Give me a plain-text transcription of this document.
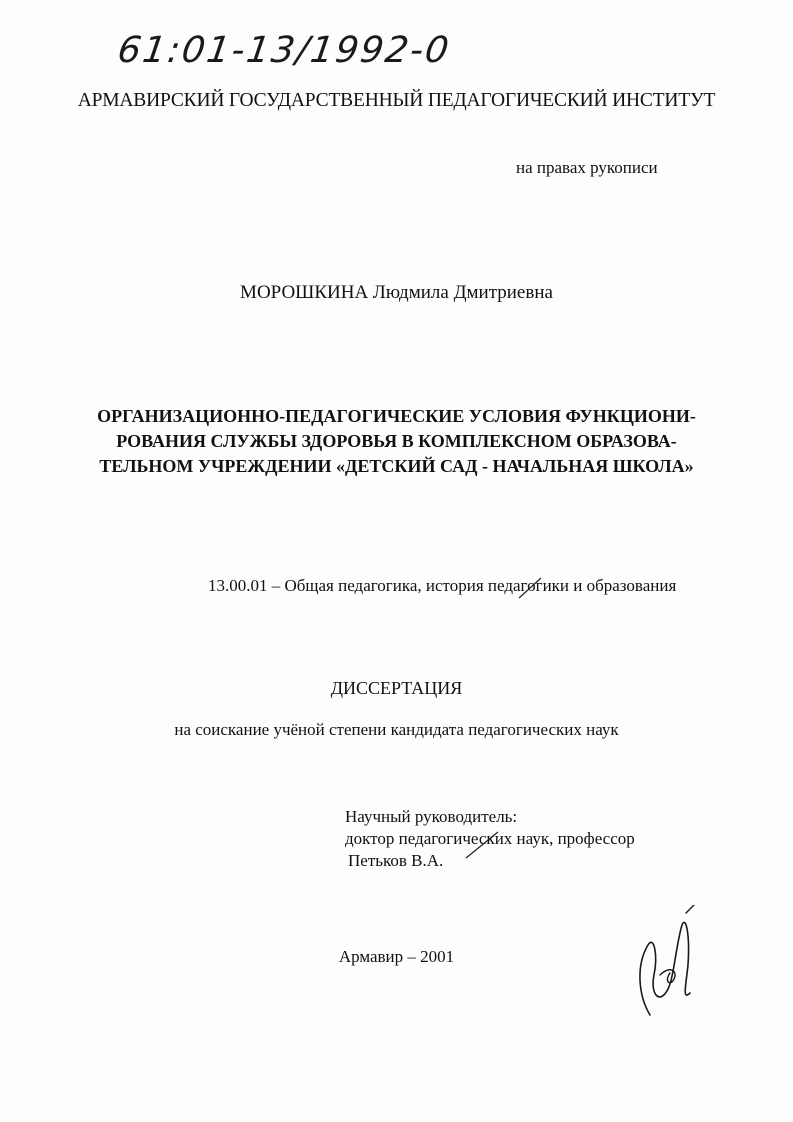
61:01-13/1992-0
АРМАВИРСКИЙ ГОСУДАРСТВЕННЫЙ ПЕДАГОГИЧЕСКИЙ ИНСТИТУТ
на правах рукописи
МОРОШКИНА Людмила Дмитриевна
ОРГАНИЗАЦИОННО-ПЕДАГОГИЧЕСКИЕ УСЛОВИЯ ФУНКЦИОНИ-
РОВАНИЯ СЛУЖБЫ ЗДОРОВЬЯ В КОМПЛЕКСНОМ ОБРАЗОВА-
ТЕЛЬНОМ УЧРЕЖДЕНИИ «ДЕТСКИЙ САД - НАЧАЛЬНАЯ ШКОЛА»
13.00.01 – Общая педагогика, история педагогики и образования
ДИССЕРТАЦИЯ
на соискание учёной степени кандидата педагогических наук
Научный руководитель:
доктор педагогических наук, профессор
Петьков В.А.
Армавир – 2001
